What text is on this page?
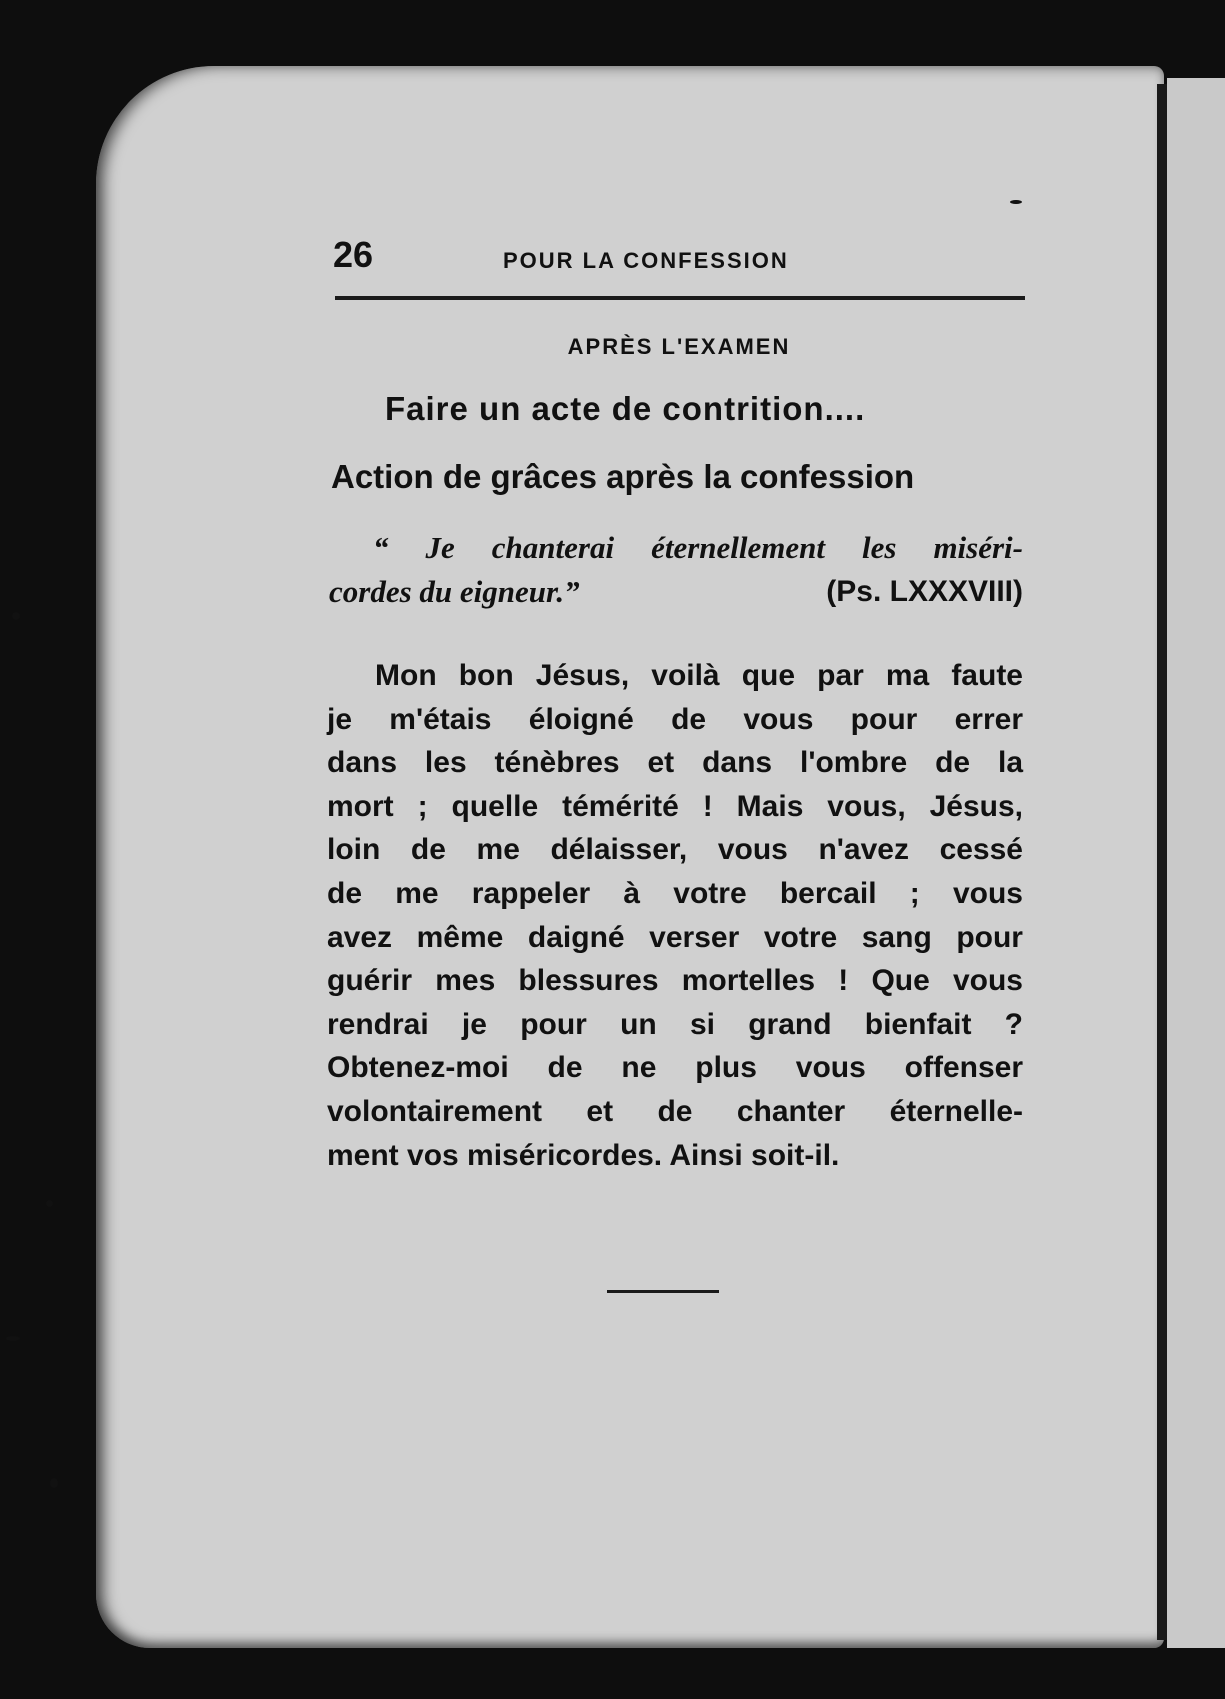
26	POUR LA CONFESSION
APRÈS L'EXAMEN
Faire un acte de contrition....
Action de grâces après la confession
“ Je chanterai éternellement les miséri-
cordes du eigneur.”	(Ps. LXXXVIII)
Mon bon Jésus, voilà que par ma faute
je m'étais éloigné de vous pour errer
dans les ténèbres et dans l'ombre de la
mort ; quelle témérité ! Mais vous, Jésus,
loin de me délaisser, vous n'avez cessé
de me rappeler à votre bercail ; vous
avez même daigné verser votre sang pour
guérir mes blessures mortelles ! Que vous
rendrai je pour un si grand bienfait ?
Obtenez-moi de ne plus vous offenser
volontairement et de chanter éternelle-
ment vos miséricordes. Ainsi soit-il.
